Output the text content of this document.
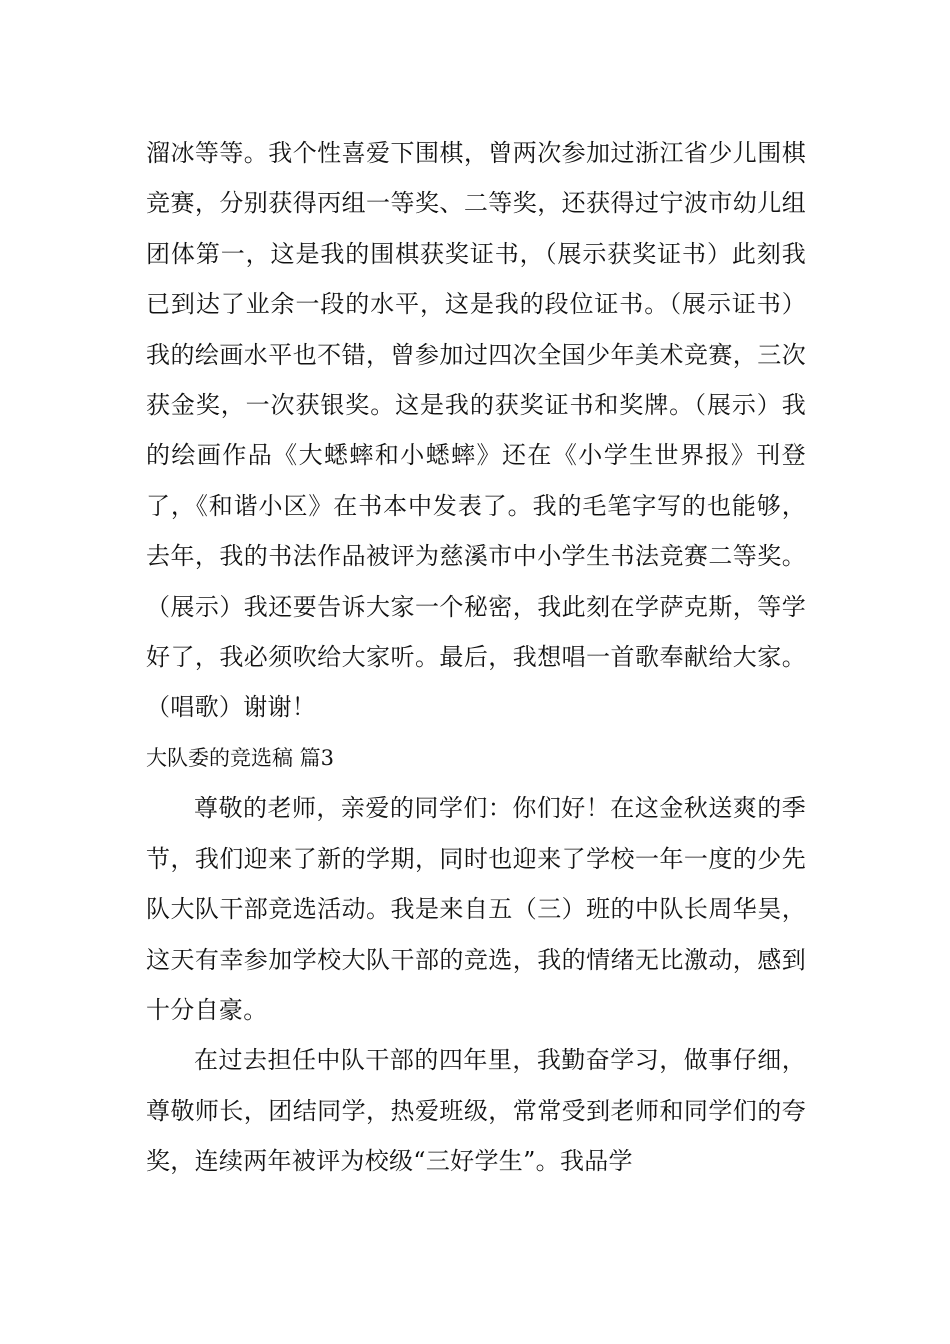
溜冰等等。我个性喜爱下围棋，曾两次参加过浙江省少儿围棋竞赛，分别获得丙组一等奖、二等奖，还获得过宁波市幼儿组团体第一，这是我的围棋获奖证书，（展示获奖证书）此刻我已到达了业余一段的水平，这是我的段位证书。（展示证书）我的绘画水平也不错，曾参加过四次全国少年美术竞赛，三次获金奖，一次获银奖。这是我的获奖证书和奖牌。（展示）我的绘画作品《大蟋蟀和小蟋蟀》还在《小学生世界报》刊登了，《和谐小区》在书本中发表了。我的毛笔字写的也能够，去年，我的书法作品被评为慈溪市中小学生书法竞赛二等奖。（展示）我还要告诉大家一个秘密，我此刻在学萨克斯，等学好了，我必须吹给大家听。最后，我想唱一首歌奉献给大家。（唱歌）谢谢！

大队委的竞选稿 篇3

尊敬的老师，亲爱的同学们：你们好！在这金秋送爽的季节，我们迎来了新的学期，同时也迎来了学校一年一度的少先队大队干部竞选活动。我是来自五（三）班的中队长周华昊，这天有幸参加学校大队干部的竞选，我的情绪无比激动，感到十分自豪。

在过去担任中队干部的四年里，我勤奋学习，做事仔细，尊敬师长，团结同学，热爱班级，常常受到老师和同学们的夸奖，连续两年被评为校级“三好学生”。我品学
